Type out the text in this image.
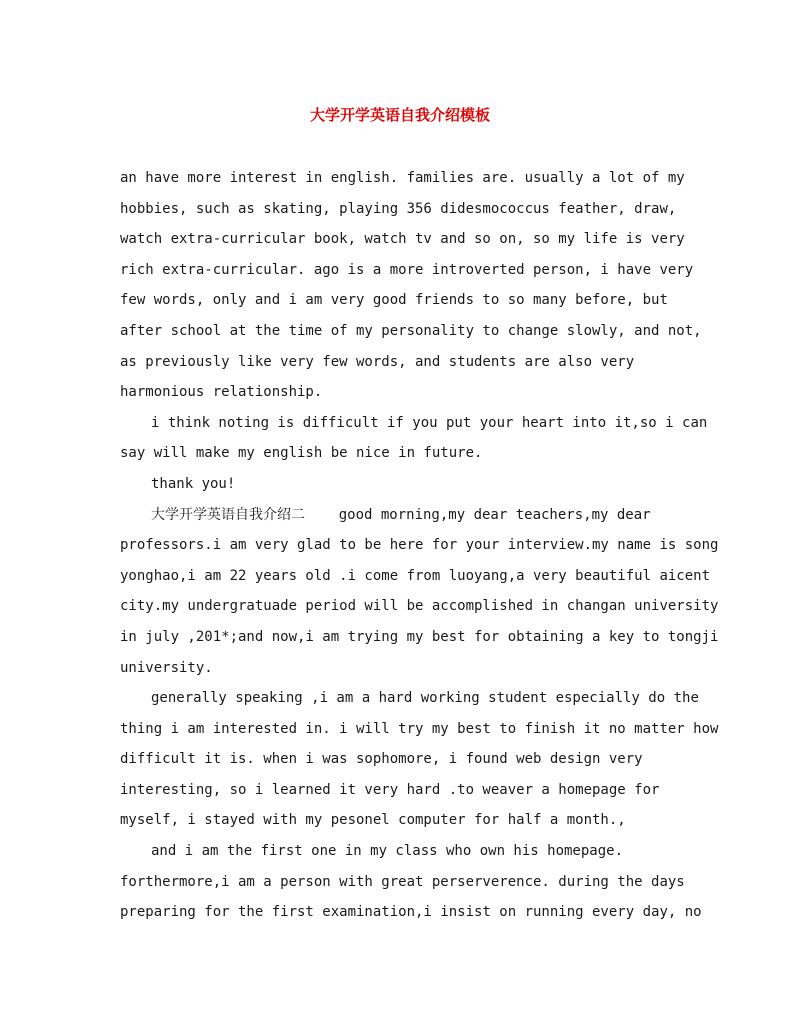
大学开学英语自我介绍模板

an have more interest in english. families are. usually a lot of my
hobbies, such as skating, playing 356 didesmococcus feather, draw,
watch extra-curricular book, watch tv and so on, so my life is very
rich extra-curricular. ago is a more introverted person, i have very
few words, only and i am very good friends to so many before, but
after school at the time of my personality to change slowly, and not,
as previously like very few words, and students are also very
harmonious relationship.

i think noting is difficult if you put your heart into it,so i can
say will make my english be nice in future.

thank you!

大学开学英语自我介绍二    good morning,my dear teachers,my dear
professors.i am very glad to be here for your interview.my name is song
yonghao,i am 22 years old .i come from luoyang,a very beautiful aicent
city.my undergratuade period will be accomplished in changan university
in july ,201*;and now,i am trying my best for obtaining a key to tongji
university.

generally speaking ,i am a hard working student especially do the
thing i am interested in. i will try my best to finish it no matter how
difficult it is. when i was sophomore, i found web design very
interesting, so i learned it very hard .to weaver a homepage for
myself, i stayed with my pesonel computer for half a month.,

and i am the first one in my class who own his homepage.
forthermore,i am a person with great perserverence. during the days
preparing for the first examination,i insist on running every day, no
